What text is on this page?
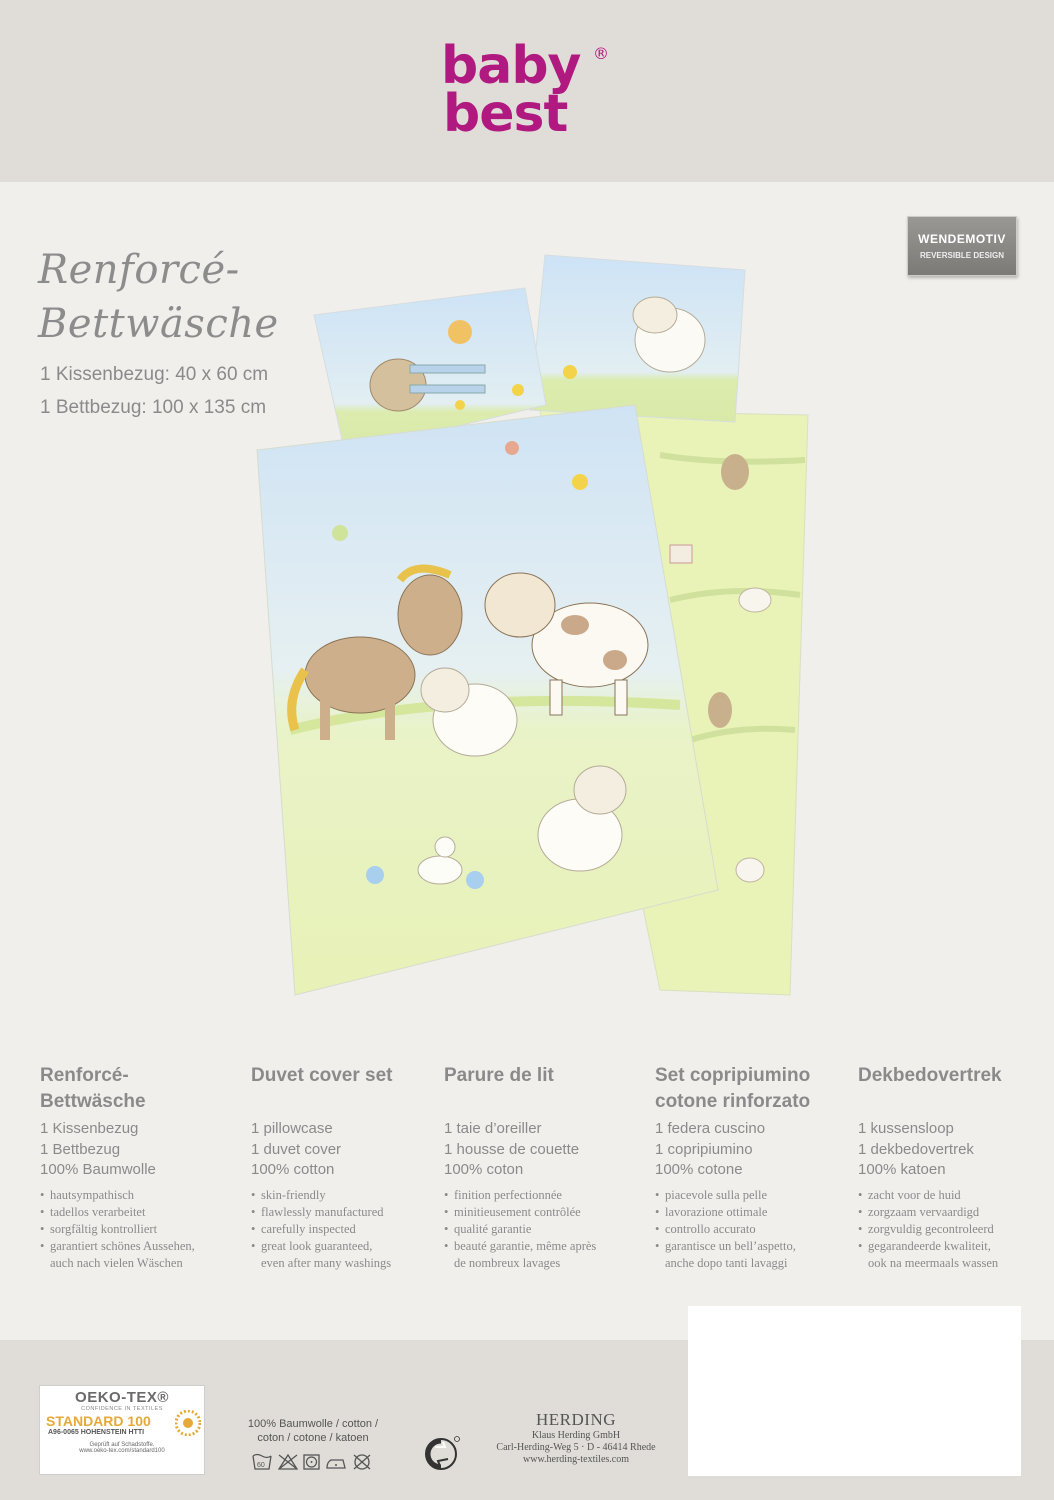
baby ®
best
Renforcé-
Bettwäsche
1 Kissenbezug: 40 x 60 cm
1 Bettbezug: 100 x 135 cm
WENDEMOTIV
REVERSIBLE DESIGN
Renforcé-
Bettwäsche
1 Kissenbezug
1 Bettbezug
100% Baumwolle
• hautsympathisch
• tadellos verarbeitet
• sorgfältig kontrolliert
• garantiert schönes Aussehen,
auch nach vielen Wäschen
Duvet cover set
1 pillowcase
1 duvet cover
100% cotton
• skin-friendly
• flawlessly manufactured
• carefully inspected
• great look guaranteed,
even after many washings
Parure de lit
1 taie d’oreiller
1 housse de couette
100% coton
• finition perfectionnée
• minitieusement contrôlée
• qualité garantie
• beauté garantie, même après
de nombreux lavages
Set copripiumino
cotone rinforzato
1 federa cuscino
1 copripiumino
100% cotone
• piacevole sulla pelle
• lavorazione ottimale
• controllo accurato
• garantisce un bell’aspetto,
anche dopo tanti lavaggi
Dekbedovertrek
1 kussensloop
1 dekbedovertrek
100% katoen
• zacht voor de huid
• zorgzaam vervaardigd
• zorgvuldig gecontroleerd
• gegarandeerde kwaliteit,
ook na meermaals wassen
OEKO-TEX®
CONFIDENCE IN TEXTILES
STANDARD 100
A96-0065 HOHENSTEIN HTTI
Geprüft auf Schadstoffe.
www.oeko-tex.com/standard100
100% Baumwolle / cotton /
coton / cotone / katoen
60
HERDING
Klaus Herding GmbH
Carl-Herding-Weg 5 · D - 46414 Rhede
www.herding-textiles.com
